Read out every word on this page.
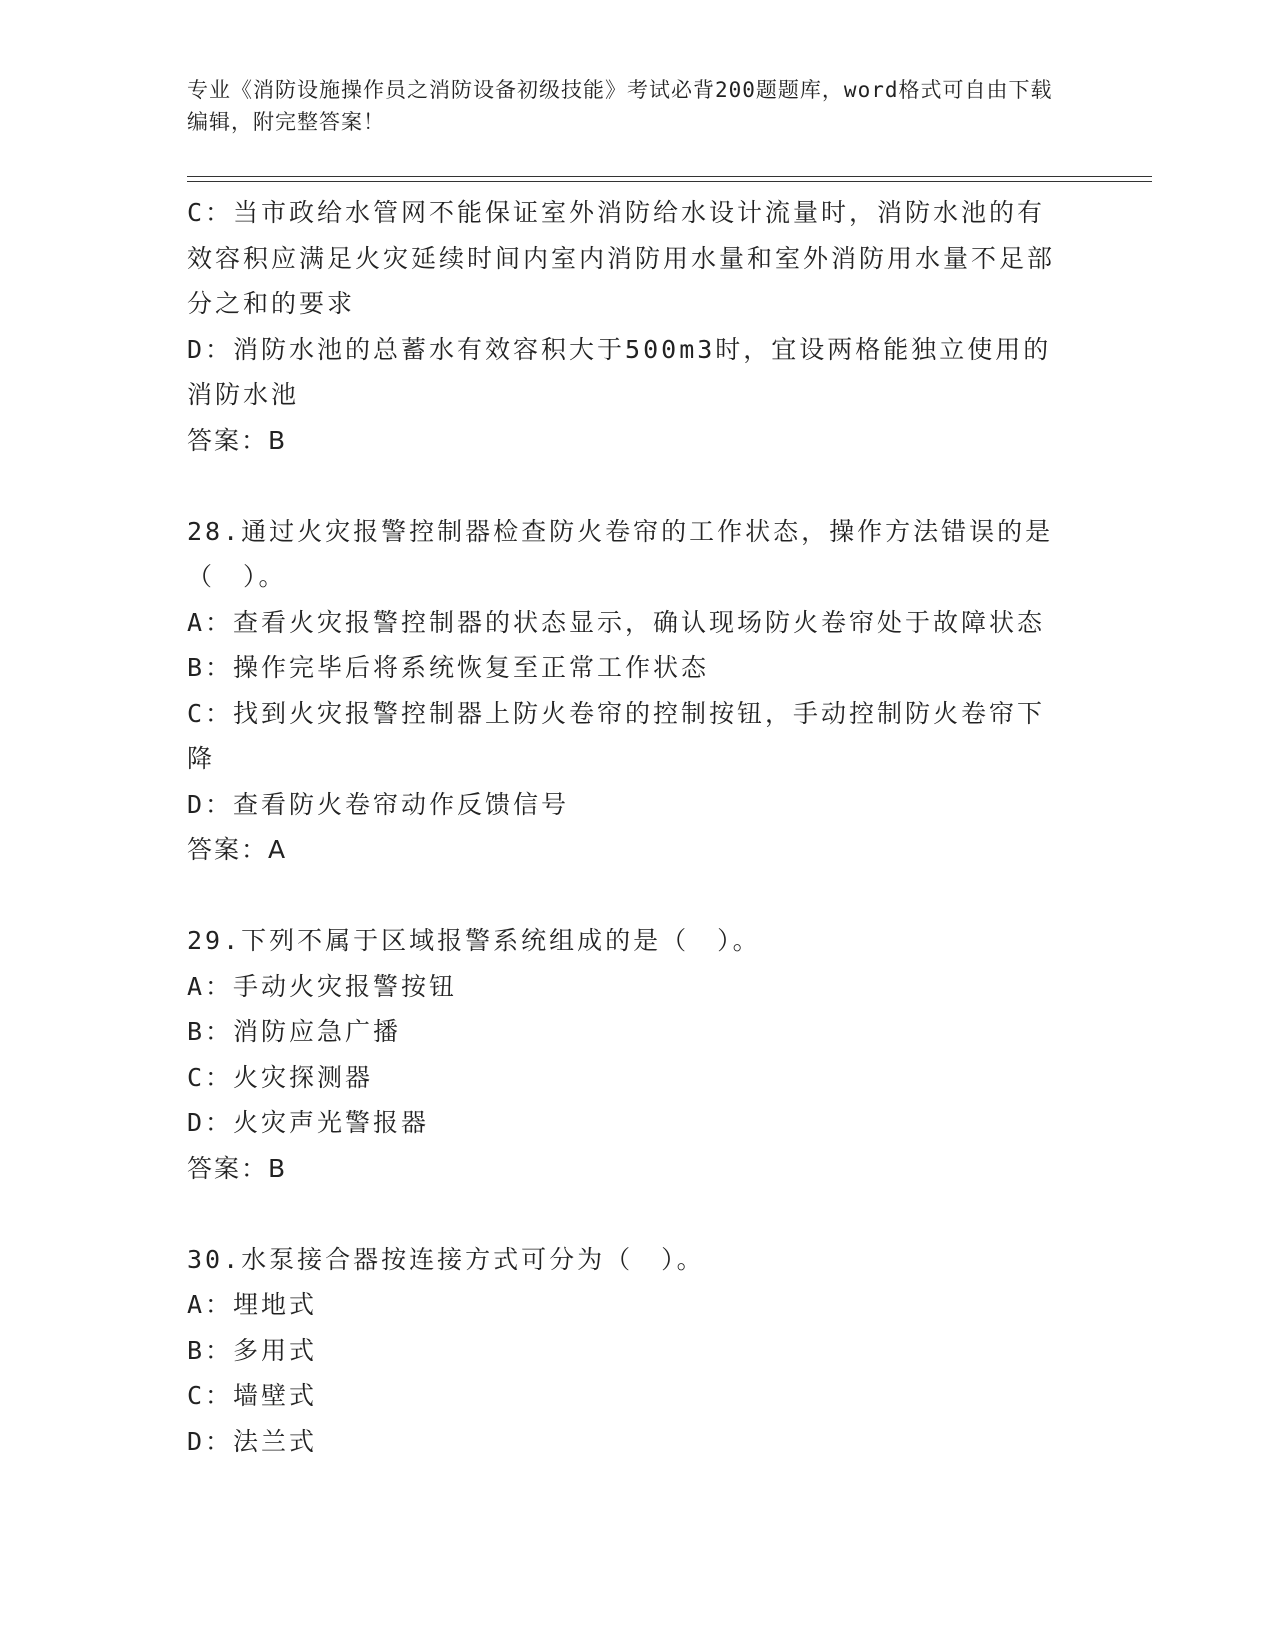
专业《消防设施操作员之消防设备初级技能》考试必背200题题库，word格式可自由下载编辑，附完整答案！

C：当市政给水管网不能保证室外消防给水设计流量时，消防水池的有效容积应满足火灾延续时间内室内消防用水量和室外消防用水量不足部分之和的要求

D：消防水池的总蓄水有效容积大于500m3时，宜设两格能独立使用的消防水池

答案：B

28.通过火灾报警控制器检查防火卷帘的工作状态，操作方法错误的是（　）。

A：查看火灾报警控制器的状态显示，确认现场防火卷帘处于故障状态

B：操作完毕后将系统恢复至正常工作状态

C：找到火灾报警控制器上防火卷帘的控制按钮，手动控制防火卷帘下降

D：查看防火卷帘动作反馈信号

答案：A

29.下列不属于区域报警系统组成的是（　）。

A：手动火灾报警按钮

B：消防应急广播

C：火灾探测器

D：火灾声光警报器

答案：B

30.水泵接合器按连接方式可分为（　）。

A：埋地式

B：多用式

C：墙壁式

D：法兰式
